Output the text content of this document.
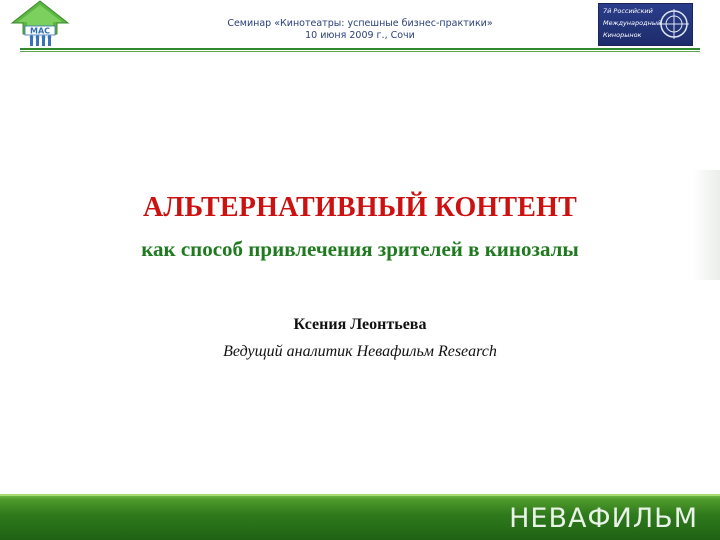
МАС
Семинар «Кинотеатры: успешные бизнес-практики»
10 июня 2009 г., Сочи
7й Российский
Международный
Кинорынок
АЛЬТЕРНАТИВНЫЙ КОНТЕНТ
как способ привлечения зрителей в кинозалы
Ксения Леонтьева
Ведущий аналитик Невафильм Research
НЕВАФИЛЬМ
